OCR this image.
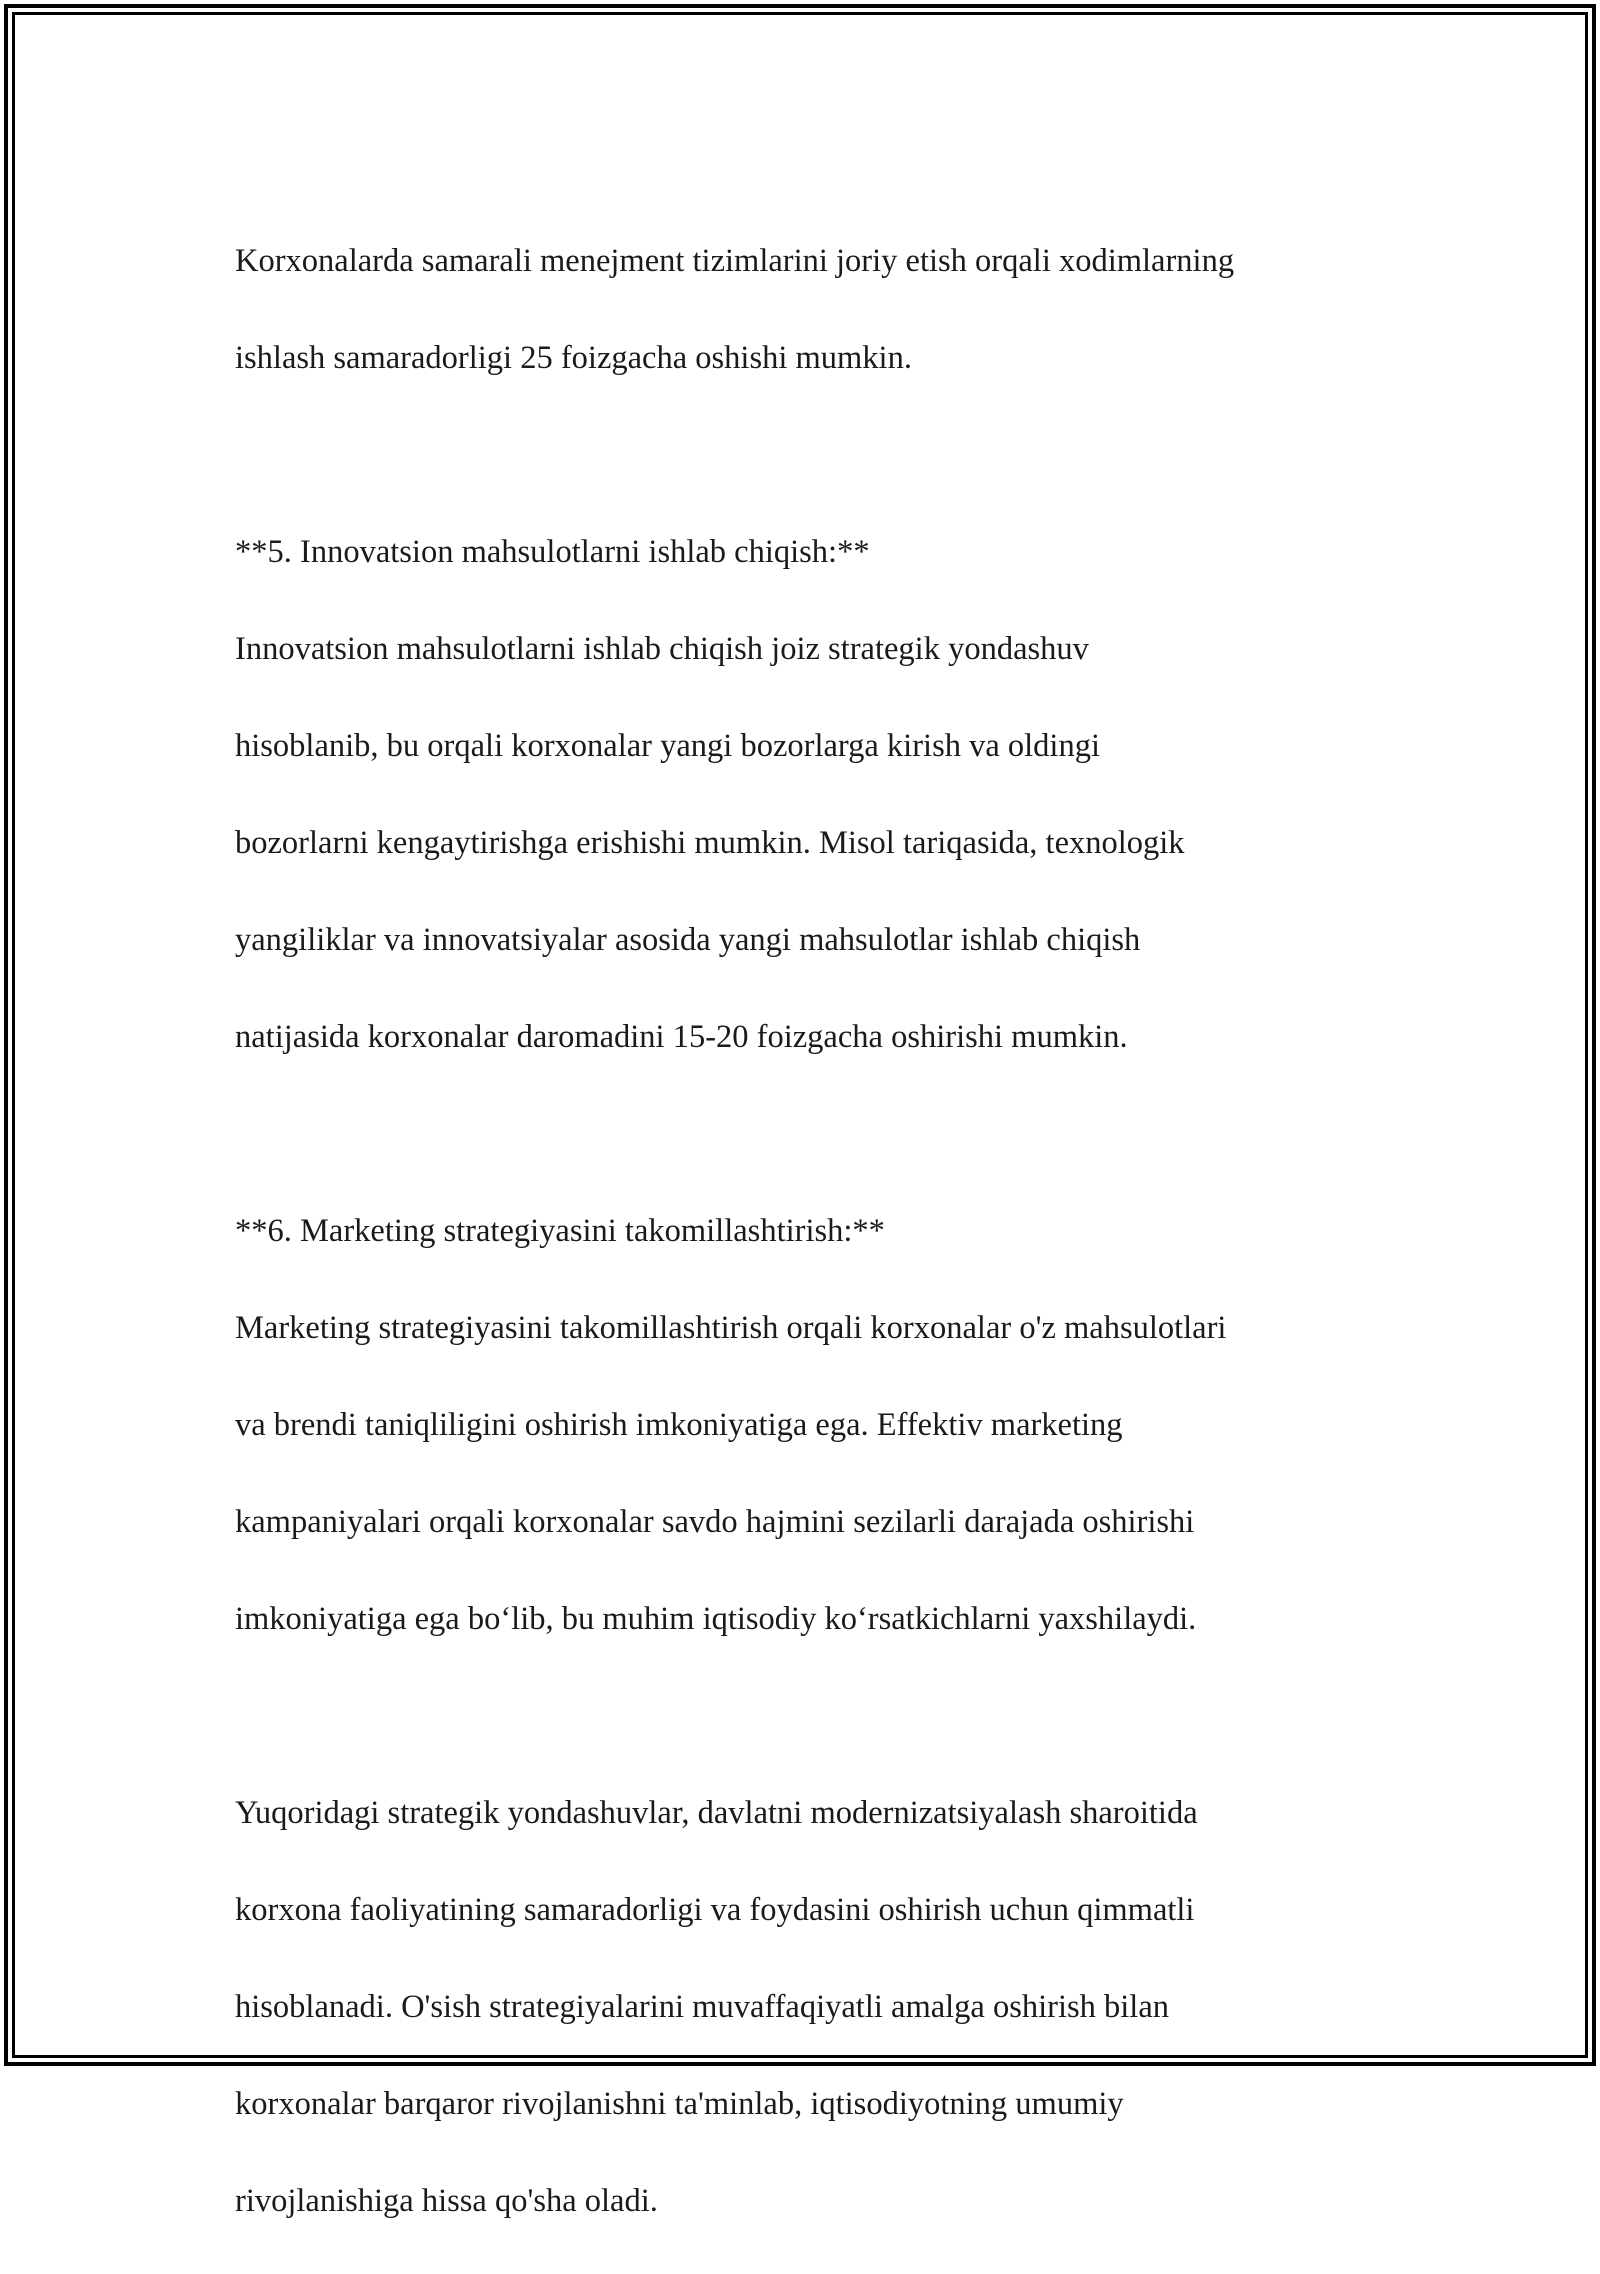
Korxonalarda samarali menejment tizimlarini joriy etish orqali xodimlarning

ishlash samaradorligi 25 foizgacha oshishi mumkin.

**5. Innovatsion mahsulotlarni ishlab chiqish:**

Innovatsion mahsulotlarni ishlab chiqish joiz strategik yondashuv

hisoblanib, bu orqali korxonalar yangi bozorlarga kirish va oldingi

bozorlarni kengaytirishga erishishi mumkin. Misol tariqasida, texnologik

yangiliklar va innovatsiyalar asosida yangi mahsulotlar ishlab chiqish

natijasida korxonalar daromadini 15-20 foizgacha oshirishi mumkin.

**6. Marketing strategiyasini takomillashtirish:**

Marketing strategiyasini takomillashtirish orqali korxonalar o'z mahsulotlari

va brendi taniqliligini oshirish imkoniyatiga ega. Effektiv marketing

kampaniyalari orqali korxonalar savdo hajmini sezilarli darajada oshirishi

imkoniyatiga ega bo‘lib, bu muhim iqtisodiy ko‘rsatkichlarni yaxshilaydi.

Yuqoridagi strategik yondashuvlar, davlatni modernizatsiyalash sharoitida

korxona faoliyatining samaradorligi va foydasini oshirish uchun qimmatli

hisoblanadi. O'sish strategiyalarini muvaffaqiyatli amalga oshirish bilan

korxonalar barqaror rivojlanishni ta'minlab, iqtisodiyotning umumiy

rivojlanishiga hissa qo'sha oladi.
